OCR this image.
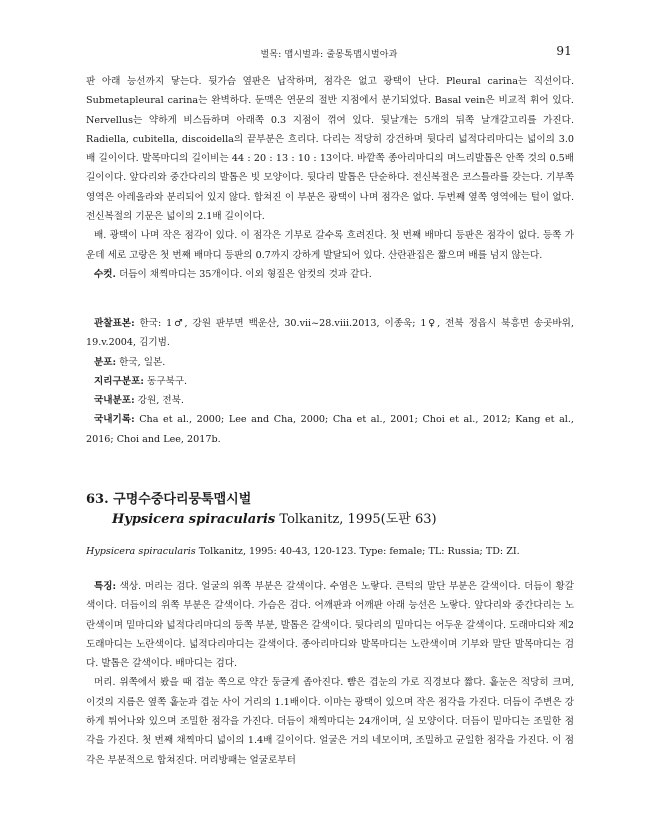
벌목: 맵시벌과: 줄몽톡맵시벌아과	91

판 아래 능선까지 닿는다. 뒷가슴 옆판은 납작하며, 점각은 없고 광택이 난다. Pleural carina는 직선이다. Submetapleural carina는 완벽하다. 둔맥은 연문의 절반 지점에서 분기되었다. Basal vein은 비교적 휘어 있다. Nervellus는 약하게 비스듬하며 아래쪽 0.3 지점이 꺾여 있다. 뒷날개는 5개의 뒤쪽 날개갈고리를 가진다. Radiella, cubitella, discoidella의 끝부분은 흐리다. 다리는 적당히 강건하며 뒷다리 넓적다리마디는 넓이의 3.0배 길이이다. 발목마디의 길이비는 44 : 20 : 13 : 10 : 13이다. 바깥쪽 종아리마디의 며느리발톱은 안쪽 것의 0.5배 길이이다. 앞다리와 중간다리의 발톱은 빗 모양이다. 뒷다리 발톱은 단순하다. 전신복절은 코스틀라를 갖는다. 기부쪽 영역은 아레올라와 분리되어 있지 않다. 합쳐진 이 부분은 광택이 나며 점각은 없다. 두번째 옆쪽 영역에는 털이 없다. 전신복절의 기문은 넓이의 2.1배 길이이다.

배. 광택이 나며 작은 점각이 있다. 이 점각은 기부로 갈수록 흐려진다. 첫 번째 배마디 등판은 점각이 없다. 등쪽 가운데 세로 고랑은 첫 번째 배마디 등판의 0.7까지 강하게 발달되어 있다. 산란관집은 짧으며 배를 넘지 않는다.

수컷. 더듬이 채찍마디는 35개이다. 이외 형질은 암컷의 것과 같다.

관찰표본: 한국: 1♂, 강원 판부면 백운산, 30.vii~28.viii.2013, 이종욱; 1♀, 전북 정읍시 북흥면 송곳바위, 19.v.2004, 김기범.

분포: 한국, 일본.

지리구분포: 동구북구.

국내분포: 강원, 전북.

국내기록: Cha et al., 2000; Lee and Cha, 2000; Cha et al., 2001; Choi et al., 2012; Kang et al., 2016; Choi and Lee, 2017b.

63. 구명수중다리뭉툭맵시벌
Hypsicera spiracularis Tolkanitz, 1995(도판 63)
Hypsicera spiracularis Tolkanitz, 1995: 40-43, 120-123. Type: female; TL: Russia; TD: ZI.

특징: 색상. 머리는 검다. 얼굴의 위쪽 부분은 갈색이다. 수염은 노랗다. 큰턱의 말단 부분은 갈색이다. 더듬이 황갈색이다. 더듬이의 위쪽 부분은 갈색이다. 가슴은 검다. 어깨판과 어깨판 아래 능선은 노랗다. 앞다리와 중간다리는 노란색이며 밑마디와 넓적다리마디의 등쪽 부분, 발톱은 갈색이다. 뒷다리의 밑마디는 어두운 갈색이다. 도래마디와 제2도래마디는 노란색이다. 넓적다리마디는 갈색이다. 종아리마디와 발목마디는 노란색이며 기부와 말단 발목마디는 검다. 발톱은 갈색이다. 배마디는 검다.

머리. 위쪽에서 봤을 때 겹눈 쪽으로 약간 둥글게 좁아진다. 뺨은 겹눈의 가로 직경보다 짧다. 홑눈은 적당히 크며, 이것의 지름은 옆쪽 홑눈과 겹눈 사이 거리의 1.1배이다. 이마는 광택이 있으며 작은 점각을 가진다. 더듬이 주변은 강하게 튀어나와 있으며 조밀한 점각을 가진다. 더듬이 채찍마디는 24개이며, 실 모양이다. 더듬이 밑마디는 조밀한 점각을 가진다. 첫 번째 채찍마디 넓이의 1.4배 길이이다. 얼굴은 거의 네모이며, 조밀하고 균일한 점각을 가진다. 이 점각은 부분적으로 합쳐진다. 머리방패는 얼굴로부터
